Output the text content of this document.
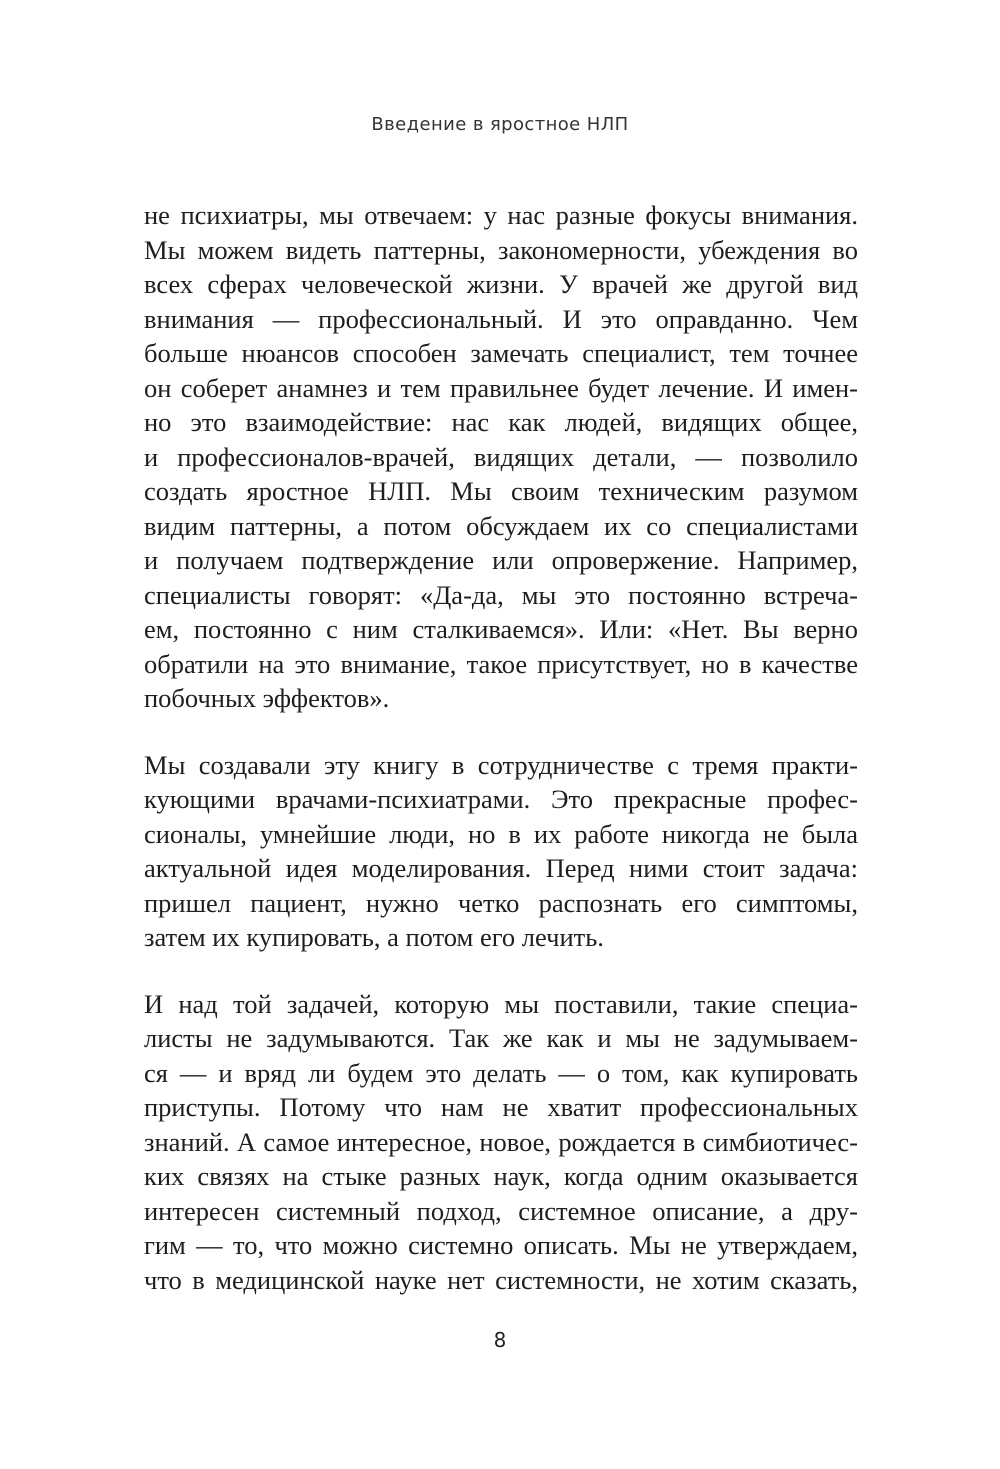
Введение в яростное НЛП
не психиатры, мы отвечаем: у нас разные фокусы внимания.
Мы можем видеть паттерны, закономерности, убеждения во
всех сферах человеческой жизни. У врачей же другой вид
внимания — профессиональный. И это оправданно. Чем
больше нюансов способен замечать специалист, тем точнее
он соберет анамнез и тем правильнее будет лечение. И имен-
но это взаимодействие: нас как людей, видящих общее,
и профессионалов-врачей, видящих детали, — позволило
создать яростное НЛП. Мы своим техническим разумом
видим паттерны, а потом обсуждаем их со специалистами
и получаем подтверждение или опровержение. Например,
специалисты говорят: «Да-да, мы это постоянно встреча-
ем, постоянно с ним сталкиваемся». Или: «Нет. Вы верно
обратили на это внимание, такое присутствует, но в качестве
побочных эффектов».
Мы создавали эту книгу в сотрудничестве с тремя практи-
кующими врачами-психиатрами. Это прекрасные профес-
сионалы, умнейшие люди, но в их работе никогда не была
актуальной идея моделирования. Перед ними стоит задача:
пришел пациент, нужно четко распознать его симптомы,
затем их купировать, а потом его лечить.
И над той задачей, которую мы поставили, такие специа-
листы не задумываются. Так же как и мы не задумываем-
ся — и вряд ли будем это делать — о том, как купировать
приступы. Потому что нам не хватит профессиональных
знаний. А самое интересное, новое, рождается в симбиотичес-
ких связях на стыке разных наук, когда одним оказывается
интересен системный подход, системное описание, а дру-
гим — то, что можно системно описать. Мы не утверждаем,
что в медицинской науке нет системности, не хотим сказать,
8
